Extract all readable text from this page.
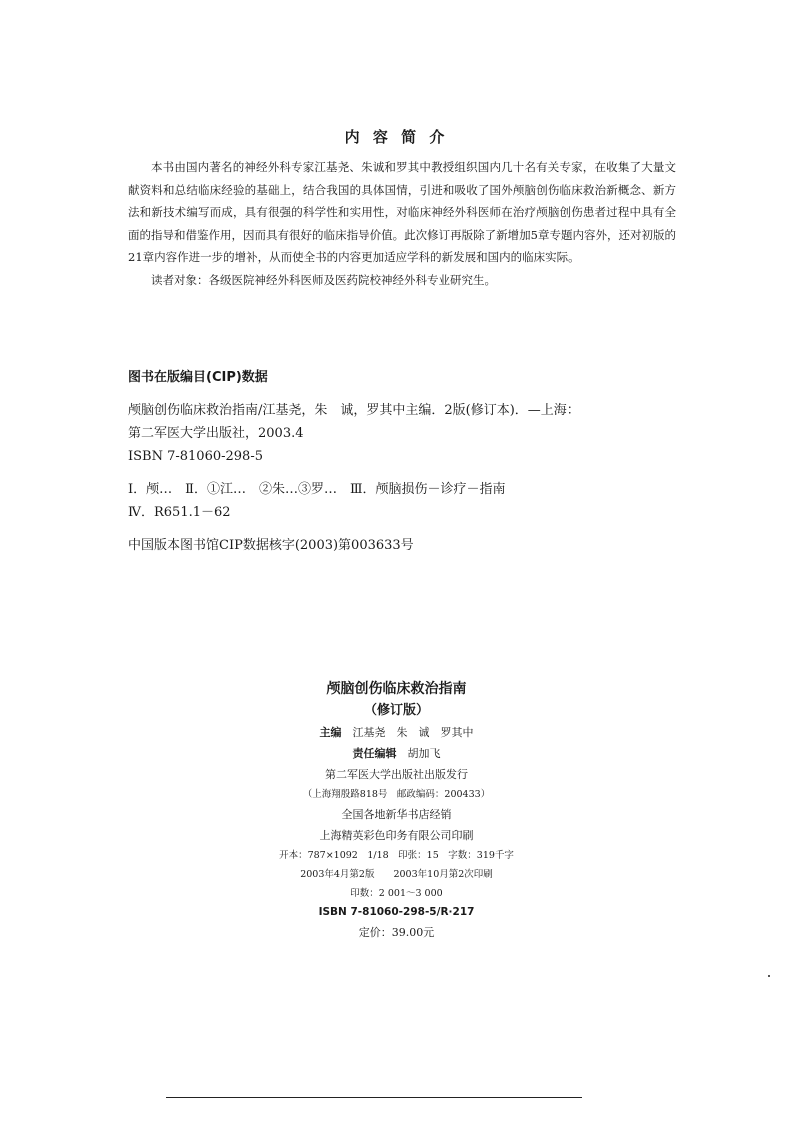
内 容 简 介

本书由国内著名的神经外科专家江基尧、朱诚和罗其中教授组织国内几十名有关专家，在收集了大量文献资料和总结临床经验的基础上，结合我国的具体国情，引进和吸收了国外颅脑创伤临床救治新概念、新方法和新技术编写而成，具有很强的科学性和实用性，对临床神经外科医师在治疗颅脑创伤患者过程中具有全面的指导和借鉴作用，因而具有很好的临床指导价值。此次修订再版除了新增加5章专题内容外，还对初版的21章内容作进一步的增补，从而使全书的内容更加适应学科的新发展和国内的临床实际。

读者对象：各级医院神经外科医师及医药院校神经外科专业研究生。

图书在版编目(CIP)数据
颅脑创伤临床救治指南/江基尧，朱　诚，罗其中主编．2版(修订本)．—上海：
第二军医大学出版社，2003.4
ISBN 7-81060-298-5
Ⅰ．颅…　Ⅱ．①江…　②朱…③罗…　Ⅲ．颅脑损伤－诊疗－指南
Ⅳ．R651.1－62
中国版本图书馆CIP数据核字(2003)第003633号
颅脑创伤临床救治指南
（修订版）
主编　 江基尧　朱　诚　罗其中
责任编辑　 胡加飞
第二军医大学出版社出版发行
（上海翔殷路818号　邮政编码：200433）
全国各地新华书店经销
上海精英彩色印务有限公司印刷
开本：787×1092　1/18　印张：15　字数：319千字
2003年4月第2版　　2003年10月第2次印刷
印数：2 001～3 000
ISBN 7-81060-298-5/R·217
定价：39.00元
